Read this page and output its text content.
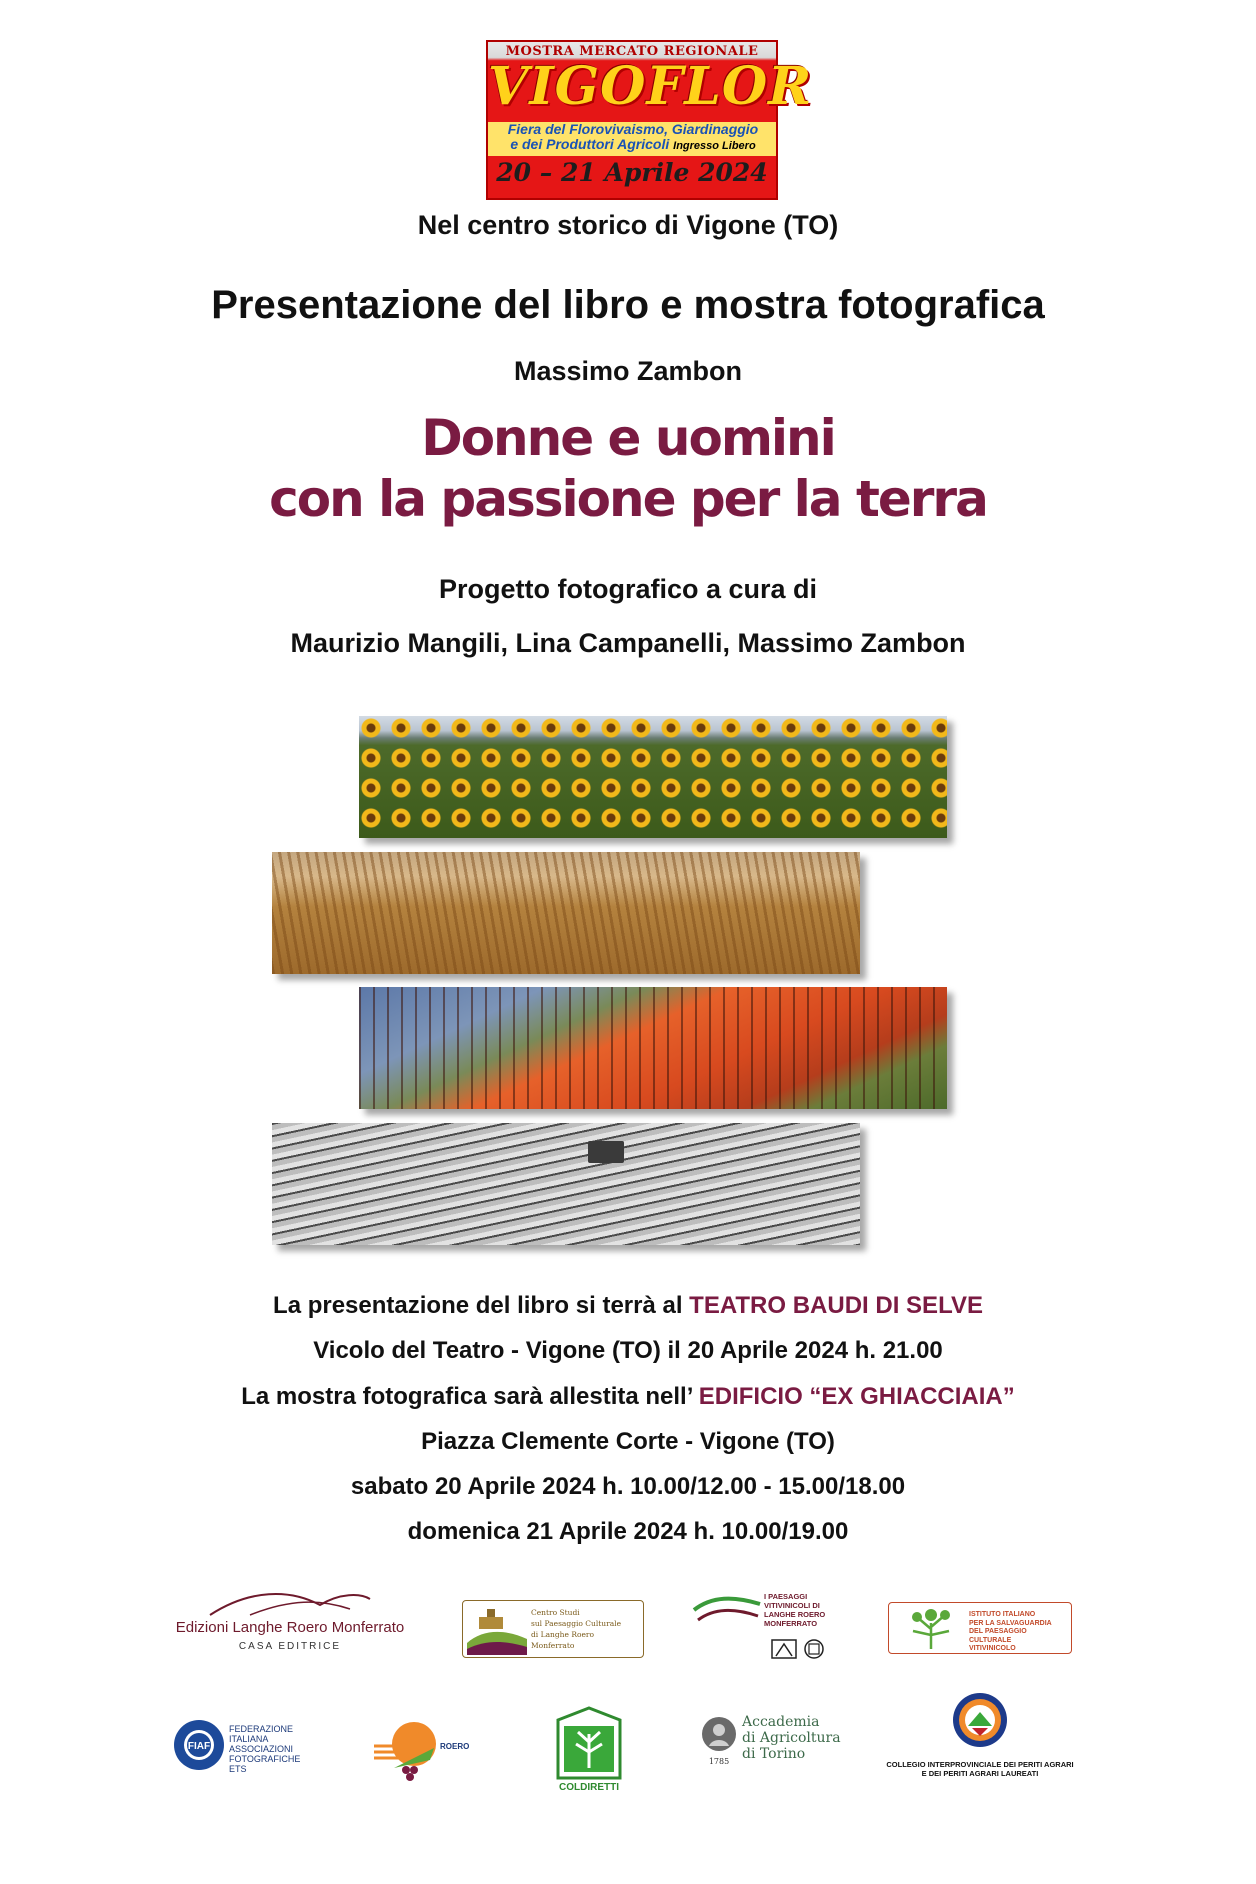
MOSTRA MERCATO REGIONALE
VIGOFLOR
Fiera del Florovivaismo, Giardinaggio
e dei Produttori Agricoli Ingresso Libero
20 – 21 Aprile 2024
Nel centro storico di Vigone (TO)
Presentazione del libro e mostra fotografica
Massimo Zambon
Donne e uomini
con la passione per la terra
Progetto fotografico a cura di
Maurizio Mangili, Lina Campanelli, Massimo Zambon
La presentazione del libro si terrà al TEATRO BAUDI DI SELVE
Vicolo del Teatro - Vigone (TO) il 20 Aprile 2024 h. 21.00
La mostra fotografica sarà allestita nell’ EDIFICIO “EX GHIACCIAIA”
Piazza Clemente Corte - Vigone (TO)
sabato 20 Aprile 2024 h. 10.00/12.00 - 15.00/18.00
domenica 21 Aprile 2024 h. 10.00/19.00
Edizioni Langhe Roero Monferrato
CASA EDITRICE
Centro Studi
sul Paesaggio Culturale
di Langhe Roero
Monferrato
I PAESAGGI
VITIVINICOLI DI
LANGHE ROERO
MONFERRATO
ISTITUTO ITALIANO
PER LA SALVAGUARDIA
DEL PAESAGGIO CULTURALE
VITIVINICOLO
FIAF
FEDERAZIONE
ITALIANA
ASSOCIAZIONI
FOTOGRAFICHE
ETS
ROERO
COLDIRETTI
1785
Accademia
di Agricoltura
di Torino
COLLEGIO INTERPROVINCIALE DEI PERITI AGRARI
E DEI PERITI AGRARI LAUREATI
